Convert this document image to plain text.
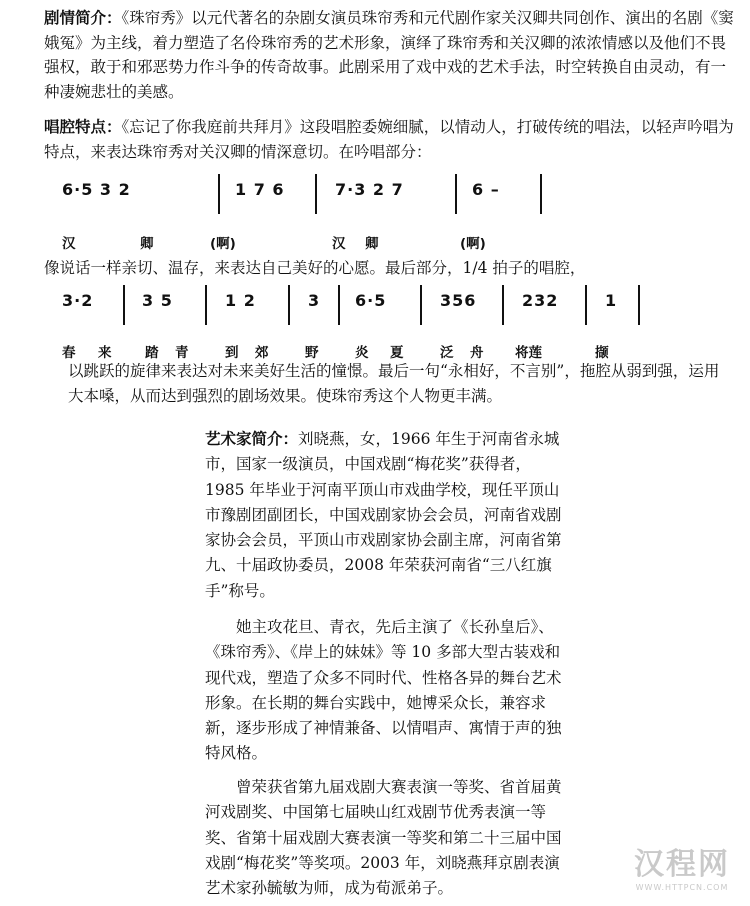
剧情简介：《珠帘秀》以元代著名的杂剧女演员珠帘秀和元代剧作家关汉卿共同创作、演出的名剧《窦娥冤》为主线，着力塑造了名伶珠帘秀的艺术形象，演绎了珠帘秀和关汉卿的浓浓情感以及他们不畏强权，敢于和邪恶势力作斗争的传奇故事。此剧采用了戏中戏的艺术手法，时空转换自由灵动，有一种凄婉悲壮的美感。

唱腔特点：《忘记了你我庭前共拜月》这段唱腔委婉细腻，以情动人，打破传统的唱法，以轻声吟唱为特点，来表达珠帘秀对关汉卿的情深意切。在吟唱部分：

6·5 3 2	1 7 6	7·3 2 7	6 –
汉	卿	(啊)	汉 卿	(啊)

像说话一样亲切、温存，来表达自己美好的心愿。最后部分，1/4 拍子的唱腔，

3·2	3 5	1 2	3 6·5	356	232	1
春 来 踏 青	到 郊	野	炎 夏	泛 舟 将莲	撷

以跳跃的旋律来表达对未来美好生活的憧憬。最后一句“永相好，不言别”，拖腔从弱到强，运用大本嗓，从而达到强烈的剧场效果。使珠帘秀这个人物更丰满。

艺术家简介：刘晓燕，女，1966 年生于河南省永城市，国家一级演员，中国戏剧“梅花奖”获得者，1985 年毕业于河南平顶山市戏曲学校，现任平顶山市豫剧团副团长，中国戏剧家协会会员，河南省戏剧家协会会员，平顶山市戏剧家协会副主席，河南省第九、十届政协委员，2008 年荣获河南省“三八红旗手”称号。

她主攻花旦、青衣，先后主演了《长孙皇后》、《珠帘秀》、《岸上的妹妹》等 10 多部大型古装戏和现代戏，塑造了众多不同时代、性格各异的舞台艺术形象。在长期的舞台实践中，她博采众长，兼容求新，逐步形成了神情兼备、以情唱声、寓情于声的独特风格。

曾荣获省第九届戏剧大赛表演一等奖、省首届黄河戏剧奖、中国第七届映山红戏剧节优秀表演一等奖、省第十届戏剧大赛表演一等奖和第二十三届中国戏剧“梅花奖”等奖项。2003 年，刘晓燕拜京剧表演艺术家孙毓敏为师，成为荀派弟子。

汉程网
WWW.HTTPCN.COM
